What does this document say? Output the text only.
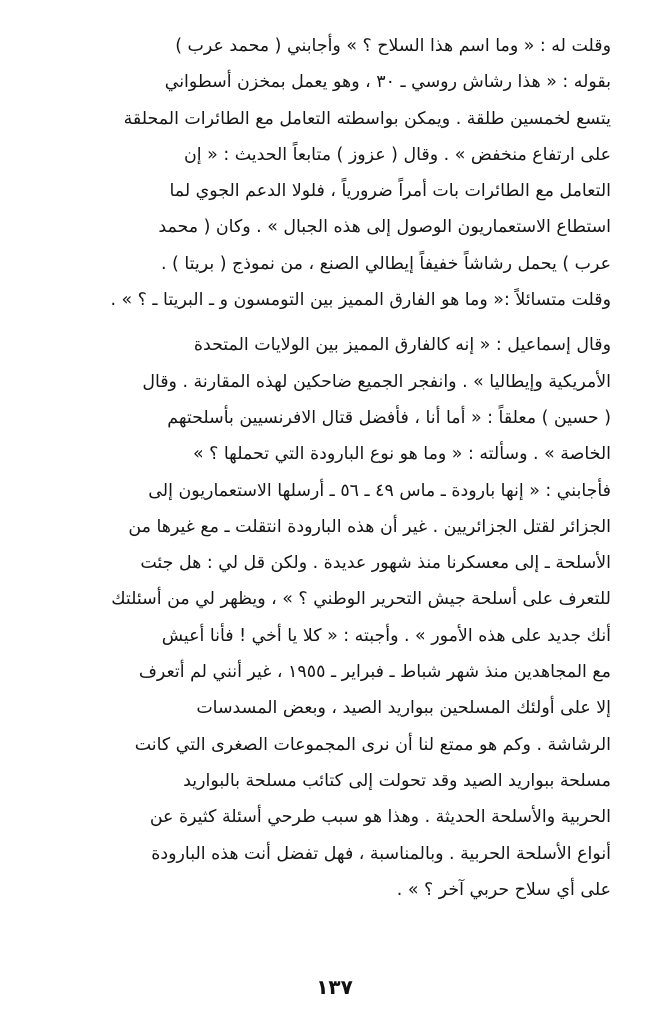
وقلت له : « وما اسم هذا السلاح ؟ » وأجابني ( محمد عرب )
بقوله : « هذا رشاش روسي ـ ٣٠ ، وهو يعمل بمخزن أسطواني
يتسع لخمسين طلقة . ويمكن بواسطته التعامل مع الطائرات المحلقة
على ارتفاع منخفض » . وقال ( عزوز ) متابعاً الحديث : « إن
التعامل مع الطائرات بات أمراً ضرورياً ، فلولا الدعم الجوي لما
استطاع الاستعماريون الوصول إلى هذه الجبال » . وكان ( محمد
عرب ) يحمل رشاشاً خفيفاً إيطالي الصنع ، من نموذج ( بريتا ) .
وقلت متسائلاً :« وما هو الفارق المميز بين التومسون و ـ البريتا ـ ؟ » .
وقال إسماعيل : « إنه كالفارق المميز بين الولايات المتحدة
الأمريكية وإيطاليا » . وانفجر الجميع ضاحكين لهذه المقارنة . وقال
( حسين ) معلقاً : « أما أنا ، فأفضل قتال الافرنسيين بأسلحتهم
الخاصة » . وسألته : « وما هو نوع البارودة التي تحملها ؟ »
فأجابني : « إنها بارودة ـ ماس ٤٩ ـ ٥٦ ـ أرسلها الاستعماريون إلى
الجزائر لقتل الجزائريين . غير أن هذه البارودة انتقلت ـ مع غيرها من
الأسلحة ـ إلى معسكرنا منذ شهور عديدة . ولكن قل لي : هل جئت
للتعرف على أسلحة جيش التحرير الوطني ؟ » ، ويظهر لي من أسئلتك
أنك جديد على هذه الأمور » . وأجبته : « كلا يا أخي ! فأنا أعيش
مع المجاهدين منذ شهر شباط ـ فبراير ـ ١٩٥٥ ، غير أنني لم أتعرف
إلا على أولئك المسلحين ببواريد الصيد ، وبعض المسدسات
الرشاشة . وكم هو ممتع لنا أن نرى المجموعات الصغرى التي كانت
مسلحة ببواريد الصيد وقد تحولت إلى كتائب مسلحة بالبواريد
الحربية والأسلحة الحديثة . وهذا هو سبب طرحي أسئلة كثيرة عن
أنواع الأسلحة الحربية . وبالمناسبة ، فهل تفضل أنت هذه البارودة
على أي سلاح حربي آخر ؟ » .
١٣٧
